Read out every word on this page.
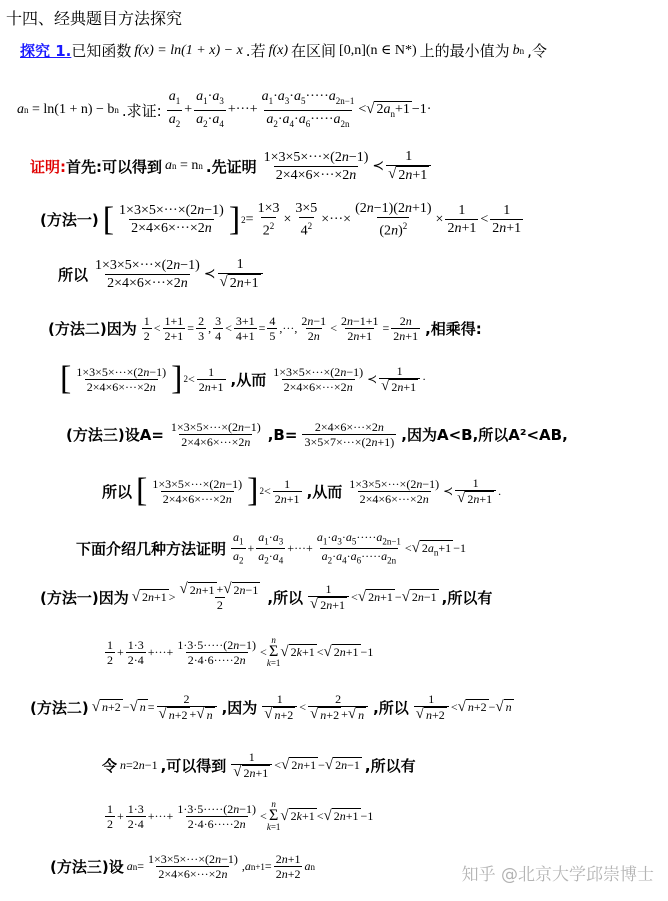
十四、经典题目方法探究
探究 1. 已知函数 f(x) = ln(1 + x) − x .若 f(x) 在区间 [0,n](n ∈ N*) 上的最小值为 b n ,令
a n
= ln(1 + n) − b n .求证: $\frac{a_1}{a_2} + \frac{a_1\cdot a_3}{a_2\cdot a_4}$ +···+ $\frac{a_1\cdot a_3\cdot a_5\cdot\cdot\cdot\cdot\cdot a_{2n-1}}{a_2\cdot a_4\cdot a_6\cdot\cdot\cdot\cdot\cdot a_{2n}}$ < √ $2a_n+1 -1\cdot$
证明: 首先:可以得到 a n
= n n .先证明 $\frac{1\times 3\times 5\times\cdot\cdot\cdot\times(2n-1)}{2\times 4\times 6\times\cdot\cdot\cdot\times 2n}$ ≺ $\frac{1}{√ 2n+1}$
(方法一) [ $\frac{1\times 3\times 5\times\cdot\cdot\cdot\times(2n-1)}{2\times 4\times 6\times\cdot\cdot\cdot\times 2n}$ ] $2 = \frac{1\times 3}{2^2} \times \frac{3\times 5}{4^2}$ ×···× $\frac{(2n-1)(2n+1)}{(2n)^2} \times \frac{1}{2n+1} < \frac{1}{2n+1}$
所以 $\frac{1\times 3\times 5\times\cdot\cdot\cdot\times(2n-1)}{2\times 4\times 6\times\cdot\cdot\cdot\times 2n}$ ≺ $\frac{1}{√ 2n+1}$
(方法二)因为 $\frac{1}{2} < \frac{1+1}{2+1} = \frac{2}{3}$ , $\frac{3}{4} < \frac{3+1}{4+1} = \frac{4}{5}$ ,···, $\frac{2n-1}{2n} < \frac{2n-1+1}{2n+1} = \frac{2n}{2n+1}$ ,相乘得:
[ $\frac{1\times 3\times 5\times\cdot\cdot\cdot\times(2n-1)}{2\times 4\times 6\times\cdot\cdot\cdot\times 2n}$ ] $2 < \frac{1}{2n+1}$ ,从而 $\frac{1\times 3\times 5\times\cdot\cdot\cdot\times(2n-1)}{2\times 4\times 6\times\cdot\cdot\cdot\times 2n}$ ≺ $\frac{1}{√ 2n+1}$ ·
(方法三)设 $A= \frac{1\times 3\times 5\times\cdot\cdot\cdot\times(2n-1)}{2\times 4\times 6\times\cdot\cdot\cdot\times 2n} ,B= \frac{2\times 4\times 6\times\cdot\cdot\cdot\times 2n}{3\times 5\times 7\times\cdot\cdot\cdot\times(2n+1)}$ ,因为 A<B ,所以 A²<AB,
所以 [ $\frac{1\times 3\times 5\times\cdot\cdot\cdot\times(2n-1)}{2\times 4\times 6\times\cdot\cdot\cdot\times 2n}$ ] $2 < \frac{1}{2n+1}$ ,从而 $\frac{1\times 3\times 5\times\cdot\cdot\cdot\times(2n-1)}{2\times 4\times 6\times\cdot\cdot\cdot\times 2n}$ ≺ $\frac{1}{√ 2n+1}$ .
下面介绍几种方法证明 $\frac{a_1}{a_2} + \frac{a_1\cdot a_3}{a_2\cdot a_4}$ +···+ $\frac{a_1\cdot a_3\cdot a_5\cdot\cdot\cdot\cdot\cdot a_{2n-1}}{a_2\cdot a_4\cdot a_6\cdot\cdot\cdot\cdot\cdot a_{2n}}$ < √ $2a_n+1 -1$
(方法一)因为 √ $2n+1 > \frac{√ 2n+1 + √ 2n-1}{2}$ ,所以 $\frac{1}{√ 2n+1}$ < √ 2n+1 − √ 2n−1 ,所以有
$\frac{1}{2} + \frac{1\cdot 3}{2\cdot 4}$ +···+ $\frac{1\cdot 3\cdot 5\cdot\cdot\cdot\cdot\cdot(2n-1)}{2\cdot 4\cdot 6\cdot\cdot\cdot\cdot\cdot 2n}$ <
n
Σ
k=1
√ 2k+1 < √ 2n+1 −1
(方法二) √ n+2 − √ $n = \frac{2}{√ n+2 + √ n}$ ,因为 $\frac{1}{√ n+2} < \frac{2}{√ n+2 + √ n}$ ,所以 $\frac{1}{√ n+2}$ < √ n+2 − √ n
令 n =2 n −1 ,可以得到 $\frac{1}{√ 2n+1}$ < √ 2n+1 − √ 2n−1 ,所以有
$\frac{1}{2} + \frac{1\cdot 3}{2\cdot 4}$ +···+ $\frac{1\cdot 3\cdot 5\cdot\cdot\cdot\cdot\cdot(2n-1)}{2\cdot 4\cdot 6\cdot\cdot\cdot\cdot\cdot 2n}$ <
n
Σ
k=1
√ 2k+1 < √ 2n+1 −1
(方法三)设 a $n = \frac{1\times 3\times 5\times\cdot\cdot\cdot\times(2n-1)}{2\times 4\times 6\times\cdot\cdot\cdot\times 2n}$ , a $n+1 = \frac{2n+1}{2n+2}$ a n	知乎 @北京大学邱崇博士
